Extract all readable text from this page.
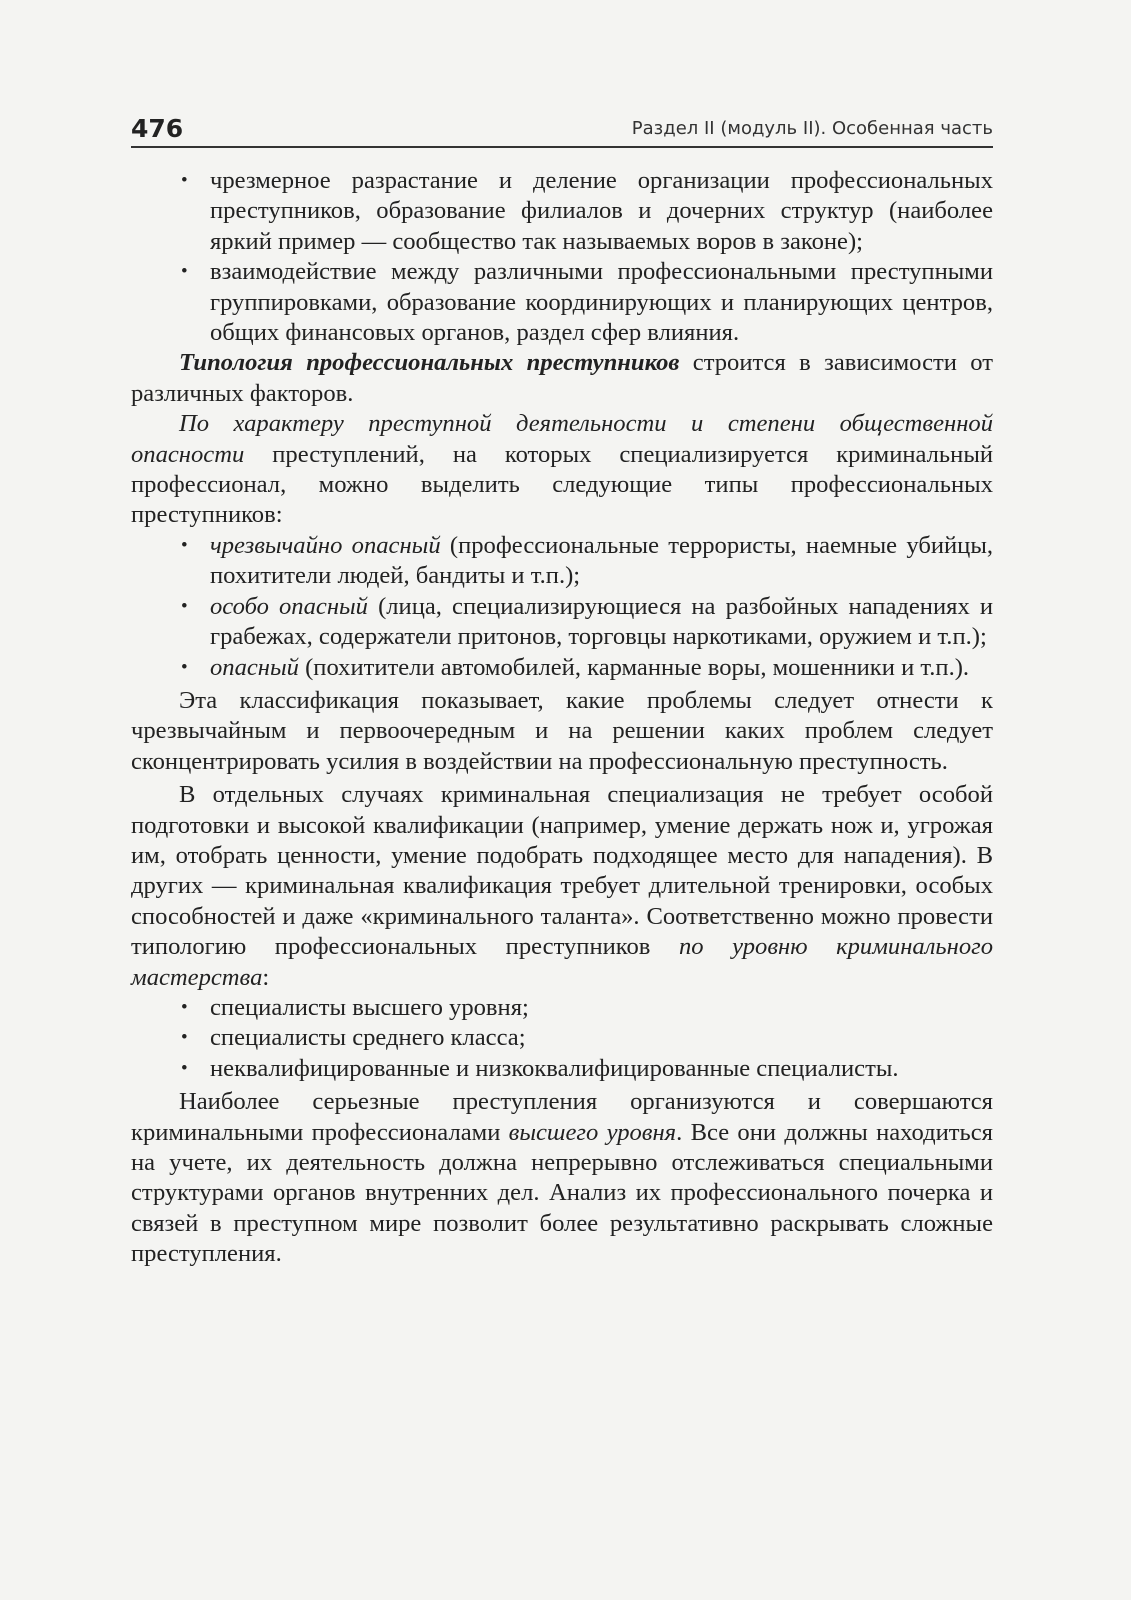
476	Раздел II (модуль II). Особенная часть
• чрезмерное разрастание и деление организации профессиональных преступников, образование филиалов и дочерних структур (наиболее яркий пример — сообщество так называемых воров в законе);
• взаимодействие между различными профессиональными преступными группировками, образование координирующих и планирующих центров, общих финансовых органов, раздел сфер влияния.

Типология профессиональных преступников строится в зависимости от различных факторов.

По характеру преступной деятельности и степени общественной опасности преступлений, на которых специализируется криминальный профессионал, можно выделить следующие типы профессиональных преступников:

• чрезвычайно опасный (профессиональные террористы, наемные убийцы, похитители людей, бандиты и т.п.);
• особо опасный (лица, специализирующиеся на разбойных нападениях и грабежах, содержатели притонов, торговцы наркотиками, оружием и т.п.);
• опасный (похитители автомобилей, карманные воры, мошенники и т.п.).

Эта классификация показывает, какие проблемы следует отнести к чрезвычайным и первоочередным и на решении каких проблем следует сконцентрировать усилия в воздействии на профессиональную преступность.

В отдельных случаях криминальная специализация не требует особой подготовки и высокой квалификации (например, умение держать нож и, угрожая им, отобрать ценности, умение подобрать подходящее место для нападения). В других — криминальная квалификация требует длительной тренировки, особых способностей и даже «криминального таланта». Соответственно можно провести типологию профессиональных преступников по уровню криминального мастерства:

• специалисты высшего уровня;
• специалисты среднего класса;
• неквалифицированные и низкоквалифицированные специалисты.

Наиболее серьезные преступления организуются и совершаются криминальными профессионалами высшего уровня. Все они должны находиться на учете, их деятельность должна непрерывно отслеживаться специальными структурами органов внутренних дел. Анализ их профессионального почерка и связей в преступном мире позволит более результативно раскрывать сложные преступления.
